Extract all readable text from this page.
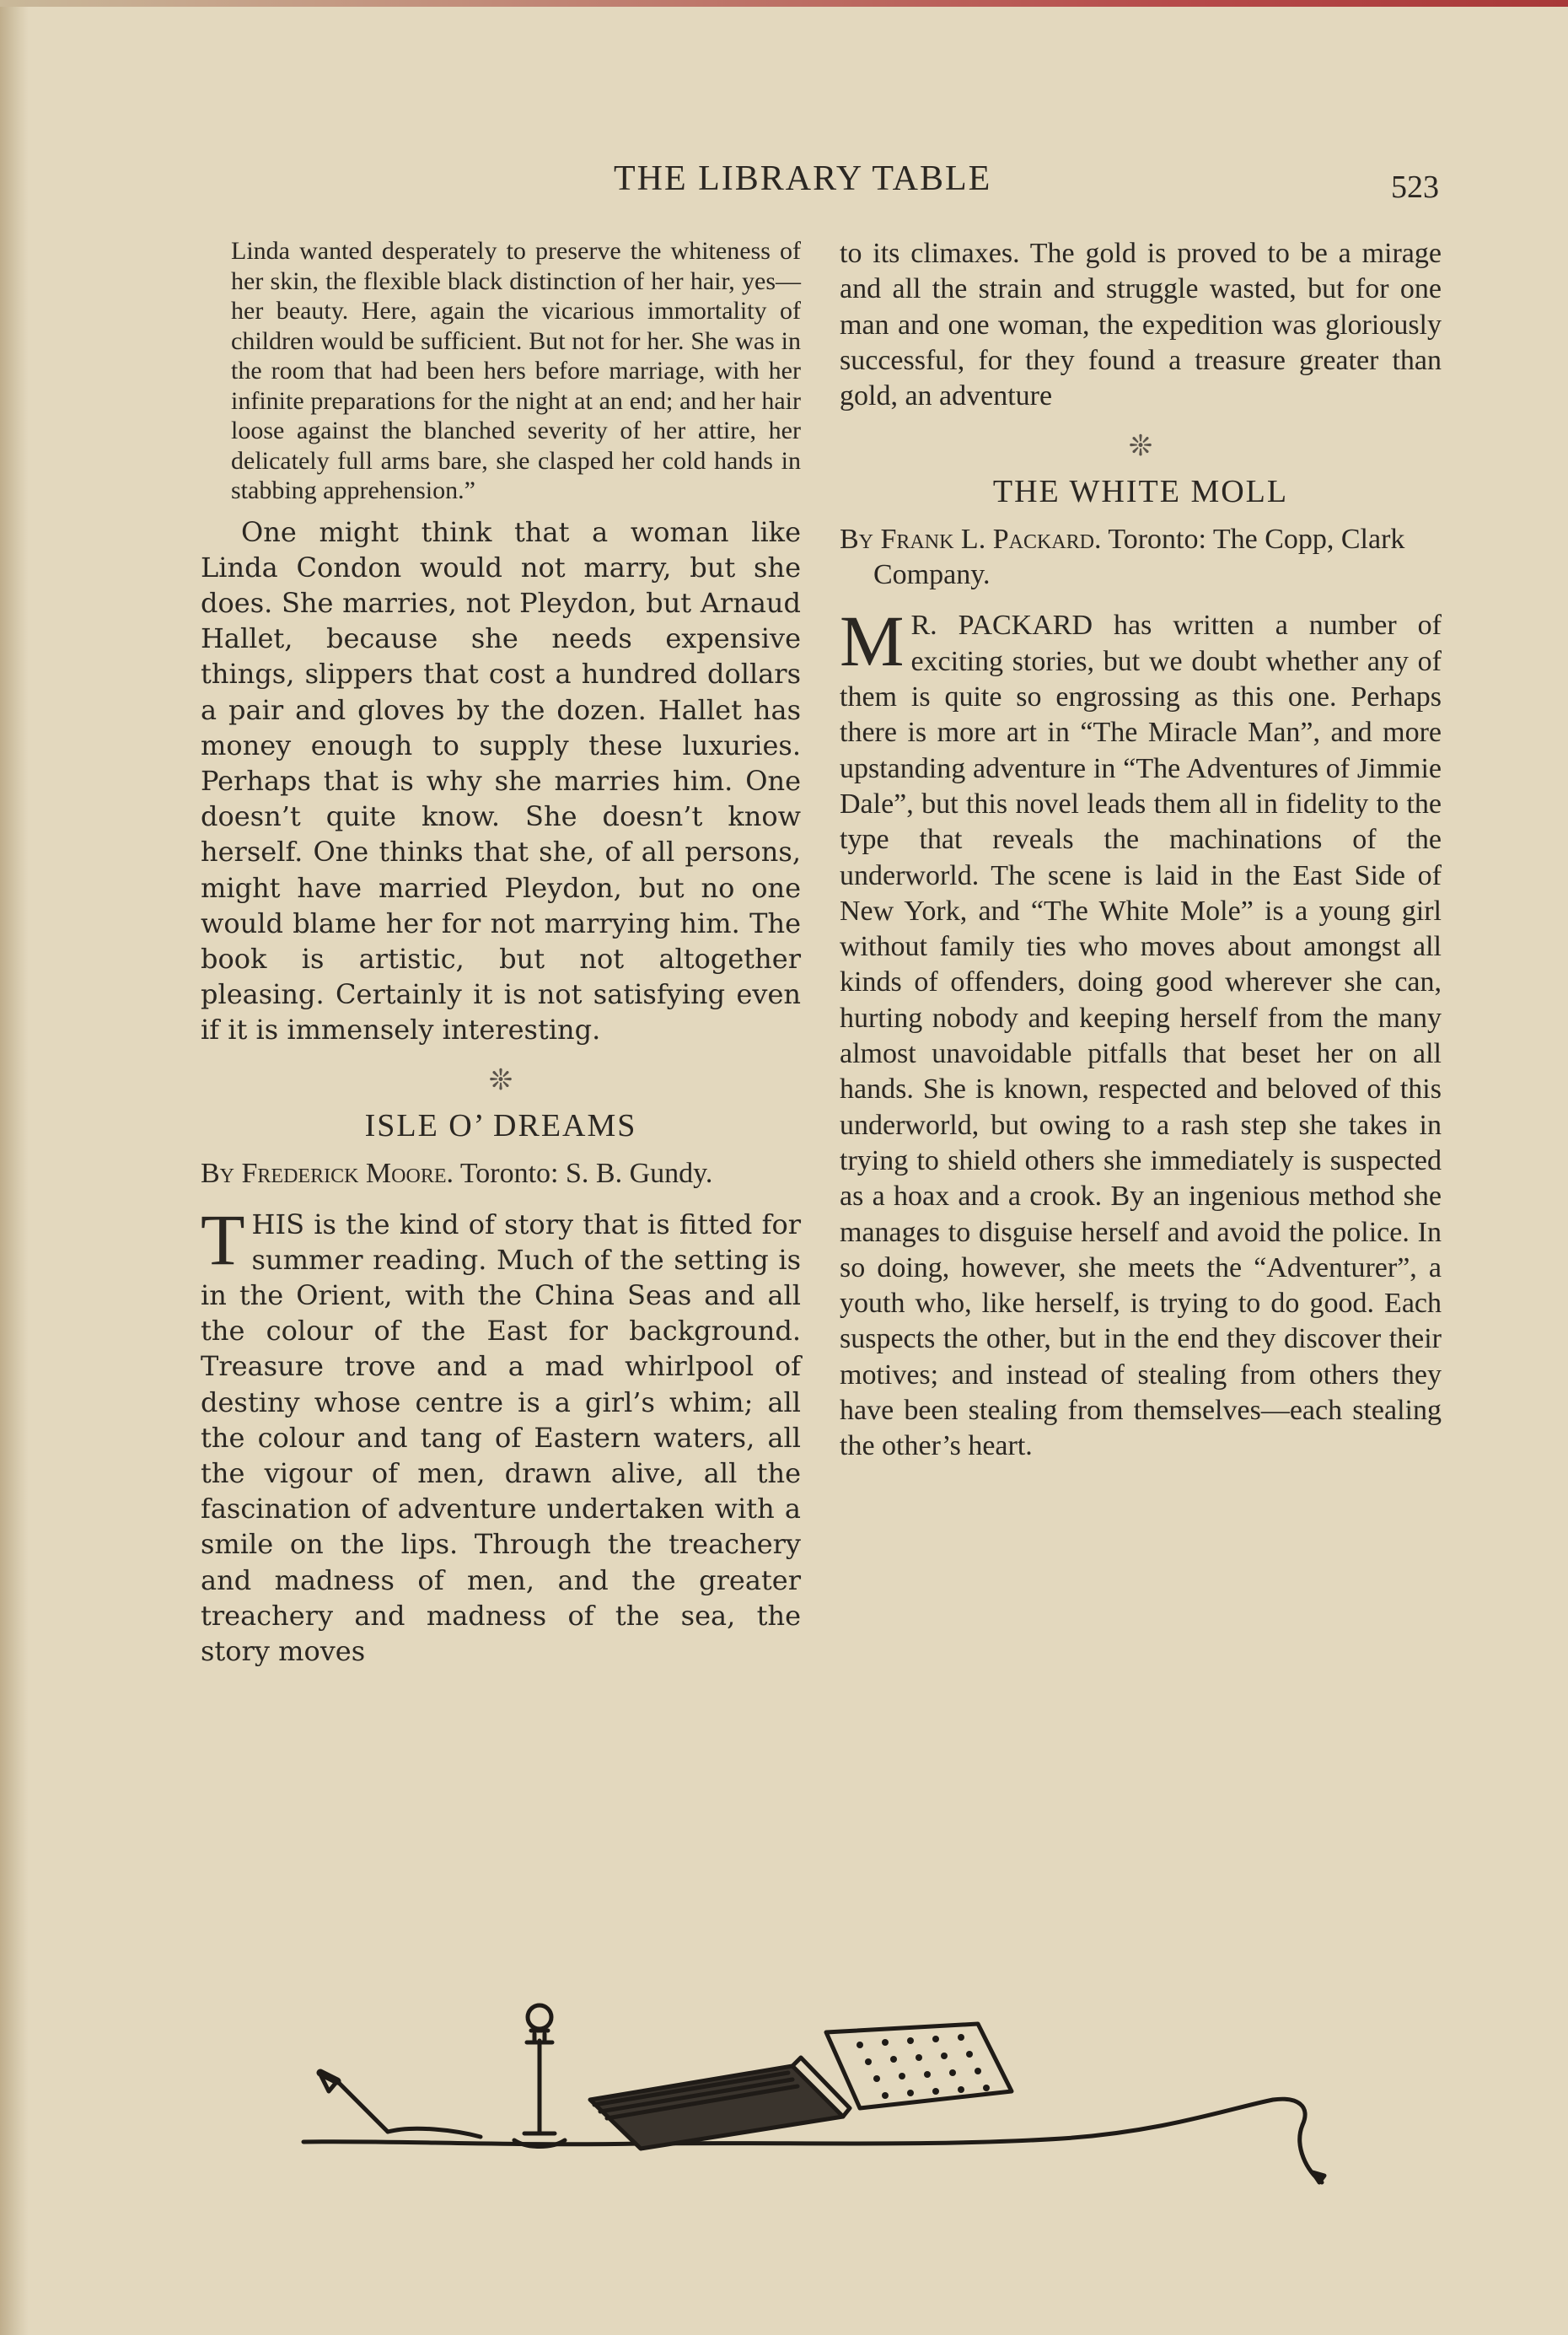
THE LIBRARY TABLE	523

Linda wanted desperately to preserve the whiteness of her skin, the flexible black distinction of her hair, yes—her beauty. Here, again the vicarious immortality of children would be sufficient. But not for her. She was in the room that had been hers before marriage, with her infinite preparations for the night at an end; and her hair loose against the blanched severity of her attire, her delicately full arms bare, she clasped her cold hands in stabbing apprehension.”

One might think that a woman like Linda Condon would not marry, but she does. She marries, not Pleydon, but Arnaud Hallet, because she needs expensive things, slippers that cost a hundred dollars a pair and gloves by the dozen. Hallet has money enough to supply these luxuries. Perhaps that is why she marries him. One doesn’t quite know. She doesn’t know herself. One thinks that she, of all persons, might have married Pleydon, but no one would blame her for not marrying him. The book is artistic, but not altogether pleasing. Certainly it is not satisfying even if it is immensely interesting.

❊
ISLE O’ DREAMS
By Frederick Moore. Toronto: S. B. Gundy.

T HIS is the kind of story that is fitted for summer reading. Much of the setting is in the Orient, with the China Seas and all the colour of the East for background. Treasure trove and a mad whirlpool of destiny whose centre is a girl’s whim; all the colour and tang of Eastern waters, all the vigour of men, drawn alive, all the fascination of adventure undertaken with a smile on the lips. Through the treachery and madness of men, and the greater treachery and madness of the sea, the story moves

to its climaxes. The gold is proved to be a mirage and all the strain and struggle wasted, but for one man and one woman, the expedition was gloriously successful, for they found a treasure greater than gold, an adventure

❊
THE WHITE MOLL
By Frank L. Packard. Toronto: The Copp, Clark Company.

M R. PACKARD has written a number of exciting stories, but we doubt whether any of them is quite so engrossing as this one. Perhaps there is more art in “The Miracle Man”, and more upstanding adventure in “The Adventures of Jimmie Dale”, but this novel leads them all in fidelity to the type that reveals the machinations of the underworld. The scene is laid in the East Side of New York, and “The White Mole” is a young girl without family ties who moves about amongst all kinds of offenders, doing good wherever she can, hurting nobody and keeping herself from the many almost unavoidable pitfalls that beset her on all hands. She is known, respected and beloved of this underworld, but owing to a rash step she takes in trying to shield others she immediately is suspected as a hoax and a crook. By an ingenious method she manages to disguise herself and avoid the police. In so doing, however, she meets the “Adventurer”, a youth who, like herself, is trying to do good. Each suspects the other, but in the end they discover their motives; and instead of stealing from others they have been stealing from themselves—each stealing the other’s heart.
